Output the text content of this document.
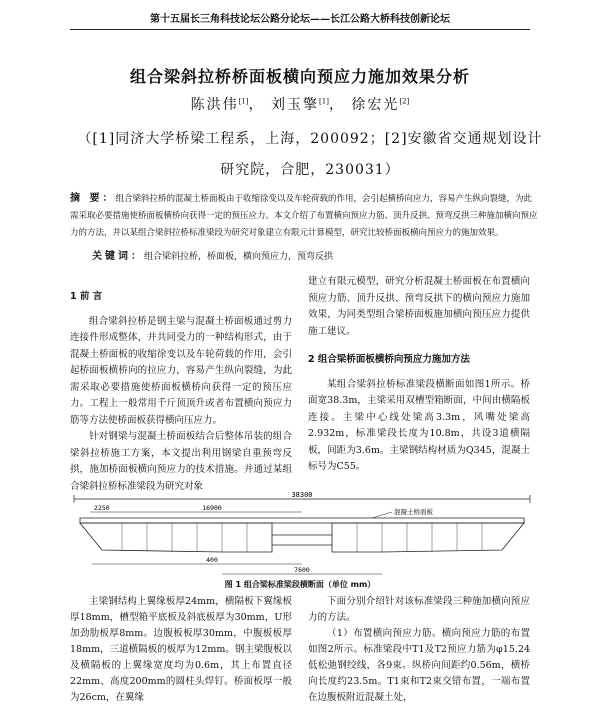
第十五届长三角科技论坛公路分论坛——长江公路大桥科技创新论坛
组合梁斜拉桥桥面板横向预应力施加效果分析
陈洪伟[1]， 刘玉擎[1]， 徐宏光[2]
（[1]同济大学桥梁工程系，上海，200092；[2]安徽省交通规划设计研究院，合肥，230031）
摘 要：组合梁斜拉桥的混凝土桥面板由于收缩徐变以及车轮荷载的作用，会引起横桥向应力，容易产生纵向裂缝，为此需采取必要措施使桥面板横桥向获得一定的预压应力。本文介绍了布置横向预应力筋、顶升反拱、预弯反拱三种施加横向预应力的方法，并以某组合梁斜拉桥标准梁段为研究对象建立有限元计算模型，研究比较桥面板横向预应力的施加效果。
关键词：组合梁斜拉桥，桥面板，横向预应力，预弯反拱
1 前 言

组合梁斜拉桥是钢主梁与混凝土桥面板通过剪力连接件形成整体，并共同受力的一种结构形式，由于混凝土桥面板的收缩徐变以及车轮荷载的作用，会引起桥面板横桥向的拉应力，容易产生纵向裂缝，为此需采取必要措施使桥面板横桥向获得一定的预压应力。工程上一般常用千斤顶顶升或者布置横向预应力筋等方法使桥面板获得横向压应力。

针对钢梁与混凝土桥面板结合后整体吊装的组合梁斜拉桥施工方案，本文提出利用钢梁自重预弯反拱，施加桥面板横向预应力的技术措施。并通过某组合梁斜拉桥标准梁段为研究对象

建立有限元模型，研究分析混凝土桥面板在布置横向预应力筋、顶升反拱、预弯反拱下的横向预应力施加效果，为同类型组合梁桥面板施加横向预压应力提供施工建议。

2 组合梁桥面板横桥向预应力施加方法

某组合梁斜拉桥标准梁段横断面如图1所示。桥面宽38.3m，主梁采用双槽型箱断面，中间由横隔板连接。主梁中心线处梁高3.3m，风嘴处梁高2.932m，标准梁段长度为10.8m，共设3道横隔板，间距为3.6m。主梁钢结构材质为Q345，混凝土标号为C55。

38300
2250	16900	混凝土桥面板
400
7600
图 1 组合梁标准梁段横断面（单位 mm）

主梁钢结构上翼缘板厚24mm，横隔板下翼缘板厚18mm，槽型箱平底板及斜底板厚为30mm，U形加劲肋板厚8mm。边腹板板厚30mm，中腹板板厚18mm，三道横隔板的板厚为12mm。钢主梁腹板以及横隔板的上翼缘宽度均为0.6m，其上布置直径22mm、高度200mm的圆柱头焊钉。桥面板厚一般为26cm，在翼缘

下面分别介绍针对该标准梁段三种施加横向预应力的方法。

（1）布置横向预应力筋。横向预应力筋的布置如图2所示。标准梁段中T1及T2预应力筋为φ15.24低松弛钢绞线，各9束。纵桥向间距约0.56m，横桥向长度约23.5m。T1束和T2束交错布置，一端布置在边腹板附近混凝土处，
